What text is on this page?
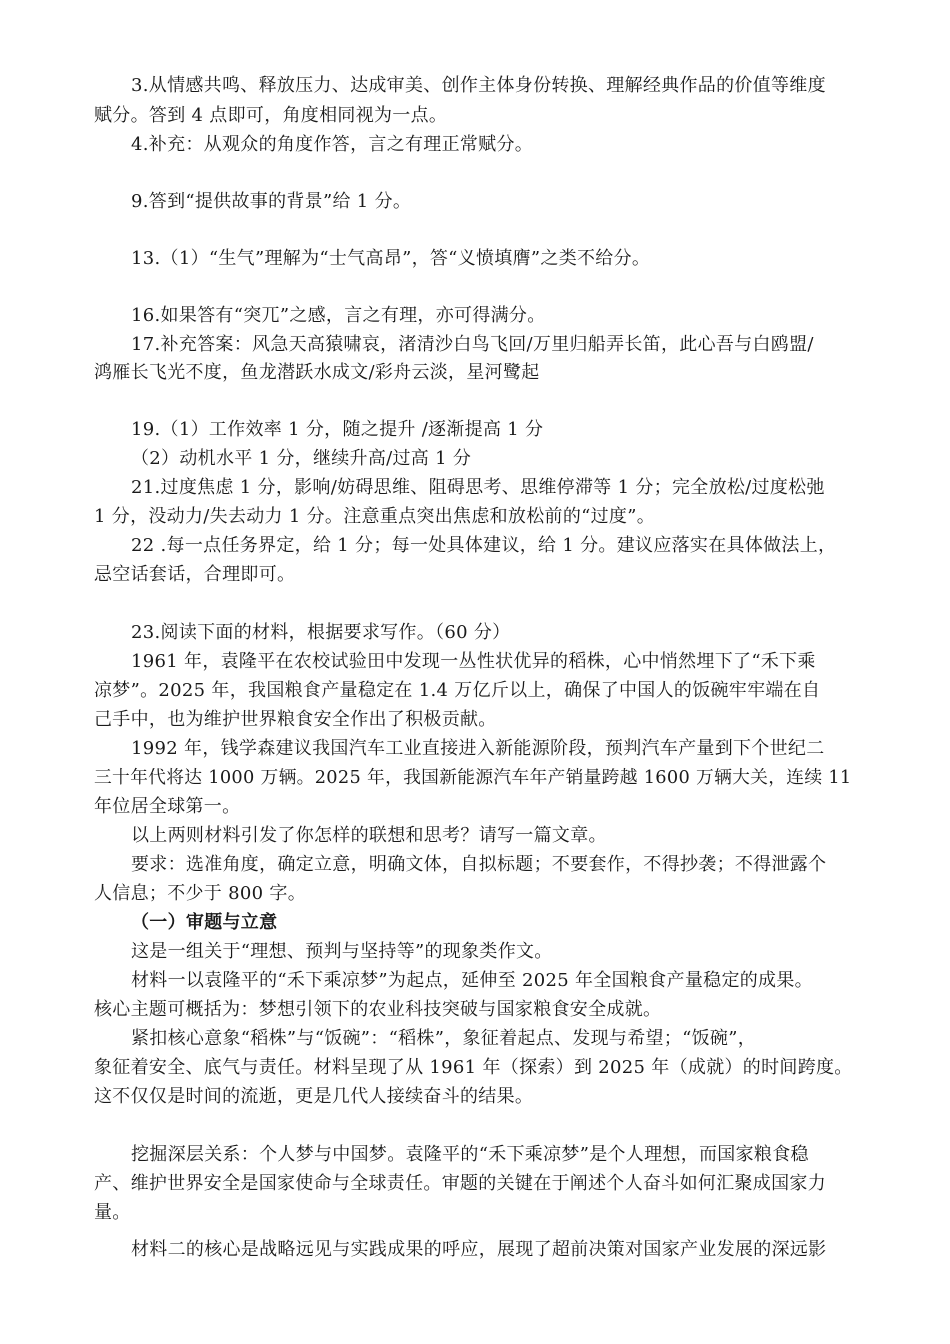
3.从情感共鸣、释放压力、达成审美、创作主体身份转换、理解经典作品的价值等维度
赋分。答到 4 点即可，角度相同视为一点。
4.补充：从观众的角度作答，言之有理正常赋分。
9.答到“提供故事的背景”给 1 分。
13.（1）“生气”理解为“士气高昂”，答“义愤填膺”之类不给分。
16.如果答有“突兀”之感，言之有理，亦可得满分。
17.补充答案：风急天高猿啸哀，渚清沙白鸟飞回/万里归船弄长笛，此心吾与白鸥盟/
鸿雁长飞光不度，鱼龙潜跃水成文/彩舟云淡，星河鹭起
19.（1）工作效率 1 分，随之提升 /逐渐提高 1 分
（2）动机水平 1 分，继续升高/过高 1 分
21.过度焦虑 1 分，影响/妨碍思维、阻碍思考、思维停滞等 1 分；完全放松/过度松弛
1 分，没动力/失去动力 1 分。注意重点突出焦虑和放松前的“过度”。
22 .每一点任务界定，给 1 分；每一处具体建议，给 1 分。建议应落实在具体做法上，
忌空话套话，合理即可。
23.阅读下面的材料，根据要求写作。（60 分）
1961 年，袁隆平在农校试验田中发现一丛性状优异的稻株，心中悄然埋下了“禾下乘
凉梦”。2025 年，我国粮食产量稳定在 1.4 万亿斤以上，确保了中国人的饭碗牢牢端在自
己手中，也为维护世界粮食安全作出了积极贡献。
1992 年，钱学森建议我国汽车工业直接进入新能源阶段，预判汽车产量到下个世纪二
三十年代将达 1000 万辆。2025 年，我国新能源汽车年产销量跨越 1600 万辆大关，连续 11
年位居全球第一。
以上两则材料引发了你怎样的联想和思考？请写一篇文章。
要求：选准角度，确定立意，明确文体，自拟标题；不要套作，不得抄袭；不得泄露个
人信息；不少于 800 字。
（一）审题与立意
这是一组关于“理想、预判与坚持等”的现象类作文。
材料一以袁隆平的“禾下乘凉梦”为起点，延伸至 2025 年全国粮食产量稳定的成果。
核心主题可概括为：梦想引领下的农业科技突破与国家粮食安全成就。
紧扣核心意象“稻株”与“饭碗”：“稻株”，象征着起点、发现与希望；“饭碗”，
象征着安全、底气与责任。材料呈现了从 1961 年（探索）到 2025 年（成就）的时间跨度。
这不仅仅是时间的流逝，更是几代人接续奋斗的结果。
挖掘深层关系：个人梦与中国梦。袁隆平的“禾下乘凉梦”是个人理想，而国家粮食稳
产、维护世界安全是国家使命与全球责任。审题的关键在于阐述个人奋斗如何汇聚成国家力
量。
材料二的核心是战略远见与实践成果的呼应，展现了超前决策对国家产业发展的深远影
